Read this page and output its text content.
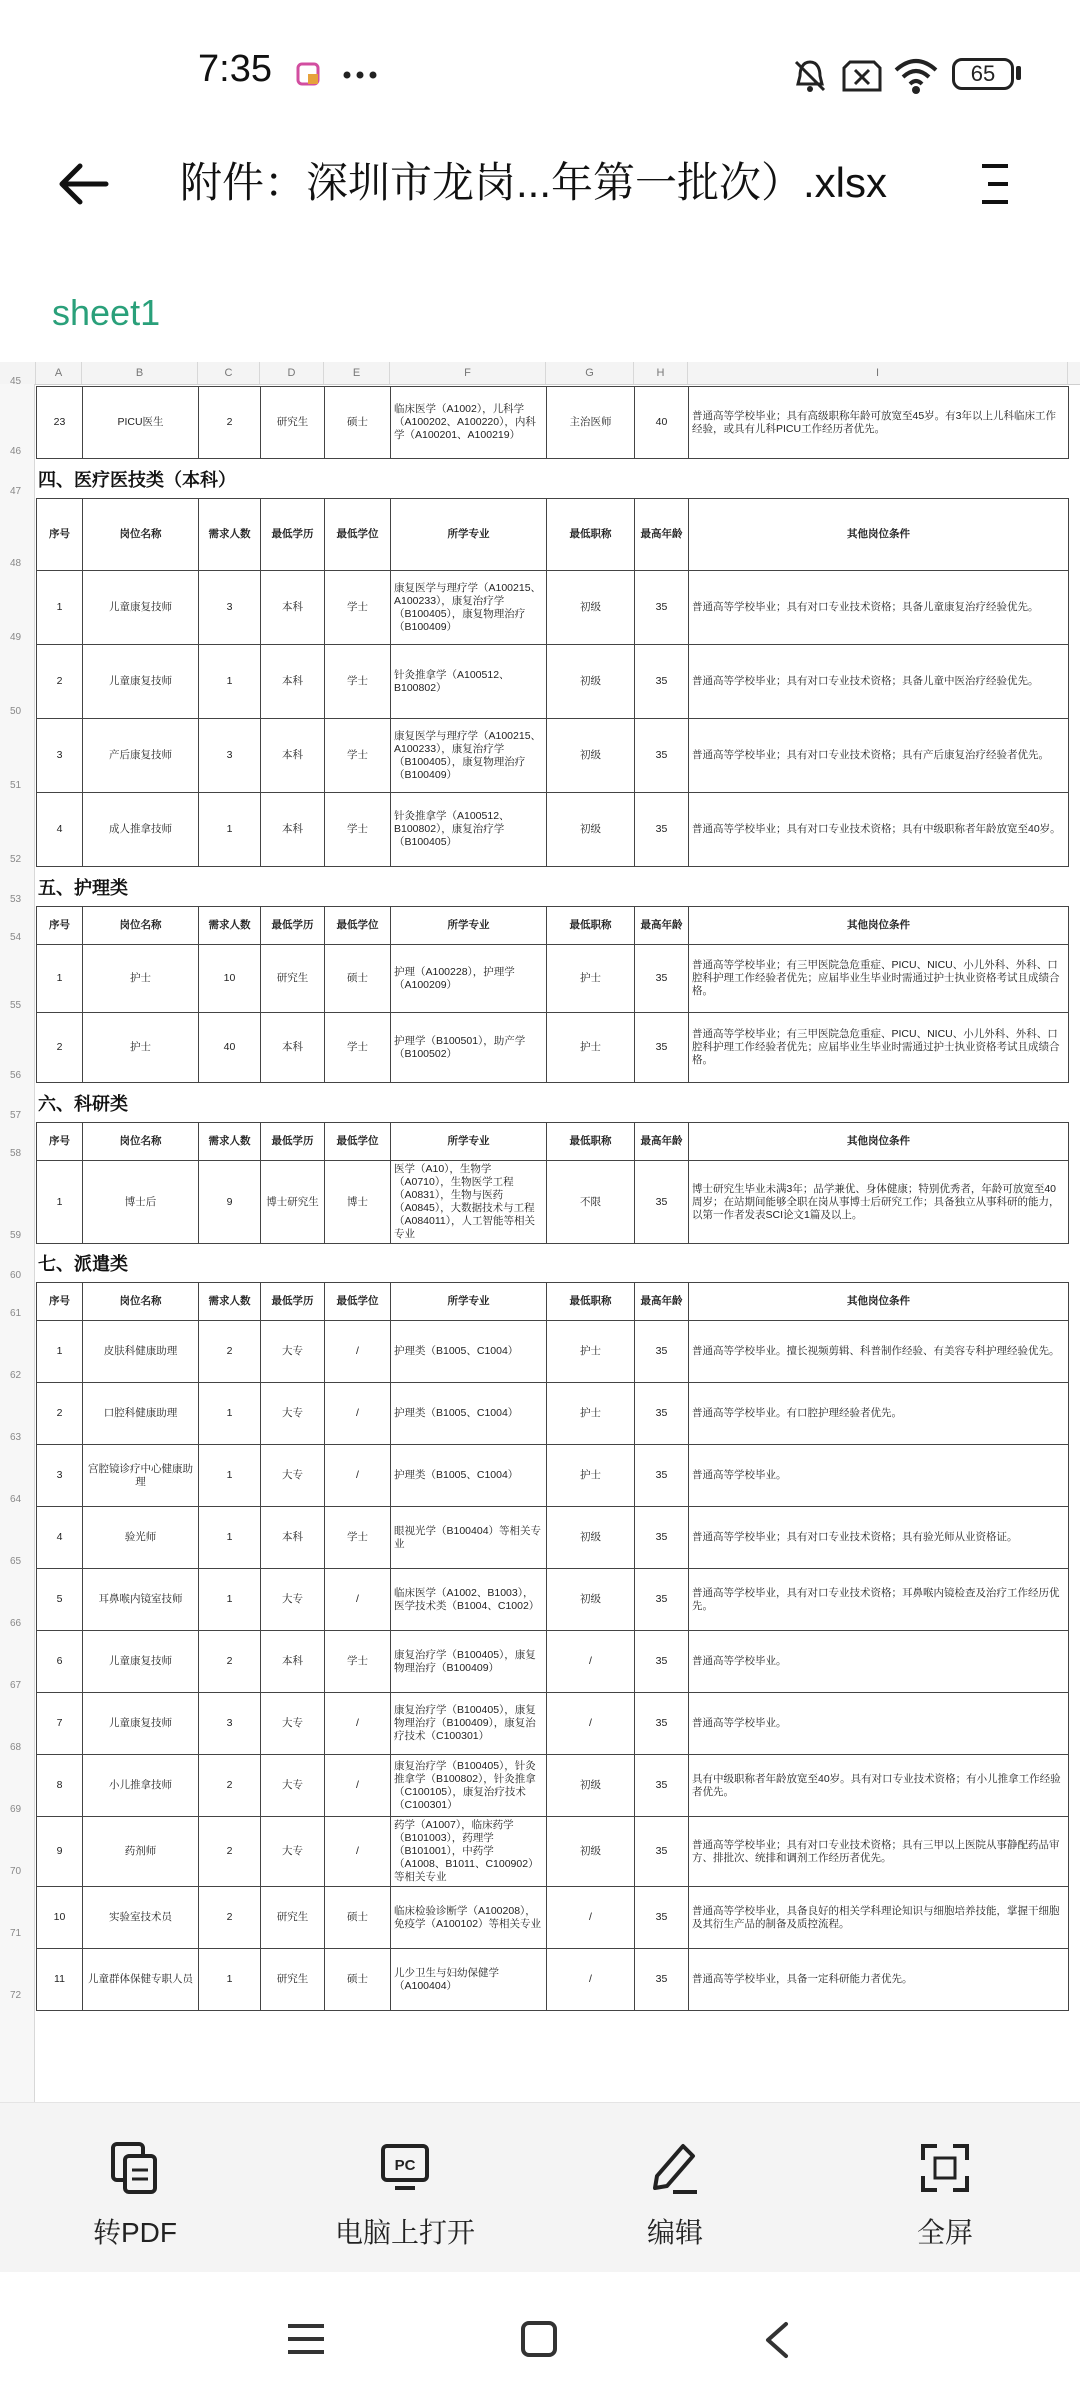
7:35	65
附件：深圳市龙岗...年第一批次）.xlsx
sheet1
A	B	C	D	E	F	G	H	I
45
46
47
48
49
50
51
52
53
54
55
56
57
58
59
60
61
62
63
64
65
66
67
68
69
70
71
72
23	PICU医生	2	研究生	硕士	临床医学（A1002），儿科学（A100202、A100220），内科学（A100201、A100219）	主治医师	40	普通高等学校毕业；具有高级职称年龄可放宽至45岁。有3年以上儿科临床工作经验，或具有儿科PICU工作经历者优先。
四、医疗医技类（本科）
序号	岗位名称	需求人数	最低学历	最低学位	所学专业	最低职称	最高年龄	其他岗位条件
1	儿童康复技师	3	本科	学士	康复医学与理疗学（A100215、A100233），康复治疗学（B100405），康复物理治疗（B100409）	初级	35	普通高等学校毕业；具有对口专业技术资格；具备儿童康复治疗经验优先。
2	儿童康复技师	1	本科	学士	针灸推拿学（A100512、B100802）	初级	35	普通高等学校毕业；具有对口专业技术资格；具备儿童中医治疗经验优先。
3	产后康复技师	3	本科	学士	康复医学与理疗学（A100215、A100233），康复治疗学（B100405），康复物理治疗（B100409）	初级	35	普通高等学校毕业；具有对口专业技术资格；具有产后康复治疗经验者优先。
4	成人推拿技师	1	本科	学士	针灸推拿学（A100512、B100802），康复治疗学（B100405）	初级	35	普通高等学校毕业；具有对口专业技术资格；具有中级职称者年龄放宽至40岁。
五、护理类
序号	岗位名称	需求人数	最低学历	最低学位	所学专业	最低职称	最高年龄	其他岗位条件
1	护士	10	研究生	硕士	护理（A100228），护理学（A100209）	护士	35	普通高等学校毕业；有三甲医院急危重症、PICU、NICU、小儿外科、外科、口腔科护理工作经验者优先；应届毕业生毕业时需通过护士执业资格考试且成绩合格。
2	护士	40	本科	学士	护理学（B100501），助产学（B100502）	护士	35	普通高等学校毕业；有三甲医院急危重症、PICU、NICU、小儿外科、外科、口腔科护理工作经验者优先；应届毕业生毕业时需通过护士执业资格考试且成绩合格。
六、科研类
序号	岗位名称	需求人数	最低学历	最低学位	所学专业	最低职称	最高年龄	其他岗位条件
1	博士后	9	博士研究生	博士	医学（A10），生物学（A0710），生物医学工程（A0831），生物与医药（A0845），大数据技术与工程（A084011），人工智能等相关专业	不限	35	博士研究生毕业未满3年；品学兼优、身体健康；特别优秀者，年龄可放宽至40周岁；在站期间能够全职在岗从事博士后研究工作；具备独立从事科研的能力，以第一作者发表SCI论文1篇及以上。
七、派遣类
序号	岗位名称	需求人数	最低学历	最低学位	所学专业	最低职称	最高年龄	其他岗位条件
1	皮肤科健康助理	2	大专	/	护理类（B1005、C1004）	护士	35	普通高等学校毕业。擅长视频剪辑、科普制作经验、有美容专科护理经验优先。
2	口腔科健康助理	1	大专	/	护理类（B1005、C1004）	护士	35	普通高等学校毕业。有口腔护理经验者优先。
3	宫腔镜诊疗中心健康助理	1	大专	/	护理类（B1005、C1004）	护士	35	普通高等学校毕业。
4	验光师	1	本科	学士	眼视光学（B100404）等相关专业	初级	35	普通高等学校毕业；具有对口专业技术资格；具有验光师从业资格证。
5	耳鼻喉内镜室技师	1	大专	/	临床医学（A1002、B1003），医学技术类（B1004、C1002）	初级	35	普通高等学校毕业，具有对口专业技术资格；耳鼻喉内镜检查及治疗工作经历优先。
6	儿童康复技师	2	本科	学士	康复治疗学（B100405），康复物理治疗（B100409）	/	35	普通高等学校毕业。
7	儿童康复技师	3	大专	/	康复治疗学（B100405），康复物理治疗（B100409），康复治疗技术（C100301）	/	35	普通高等学校毕业。
8	小儿推拿技师	2	大专	/	康复治疗学（B100405），针灸推拿学（B100802），针灸推拿（C100105），康复治疗技术（C100301）	初级	35	具有中级职称者年龄放宽至40岁。具有对口专业技术资格；有小儿推拿工作经验者优先。
9	药剂师	2	大专	/	药学（A1007），临床药学（B101003），药理学（B101001），中药学（A1008、B1011、C100902）等相关专业	初级	35	普通高等学校毕业；具有对口专业技术资格；具有三甲以上医院从事静配药品审方、排批次、统排和调剂工作经历者优先。
10	实验室技术员	2	研究生	硕士	临床检验诊断学（A100208），免疫学（A100102）等相关专业	/	35	普通高等学校毕业，具备良好的相关学科理论知识与细胞培养技能，掌握干细胞及其衍生产品的制备及质控流程。
11	儿童群体保健专职人员	1	研究生	硕士	儿少卫生与妇幼保健学（A100404）	/	35	普通高等学校毕业，具备一定科研能力者优先。
转PDF
PC
电脑上打开	编辑	全屏
